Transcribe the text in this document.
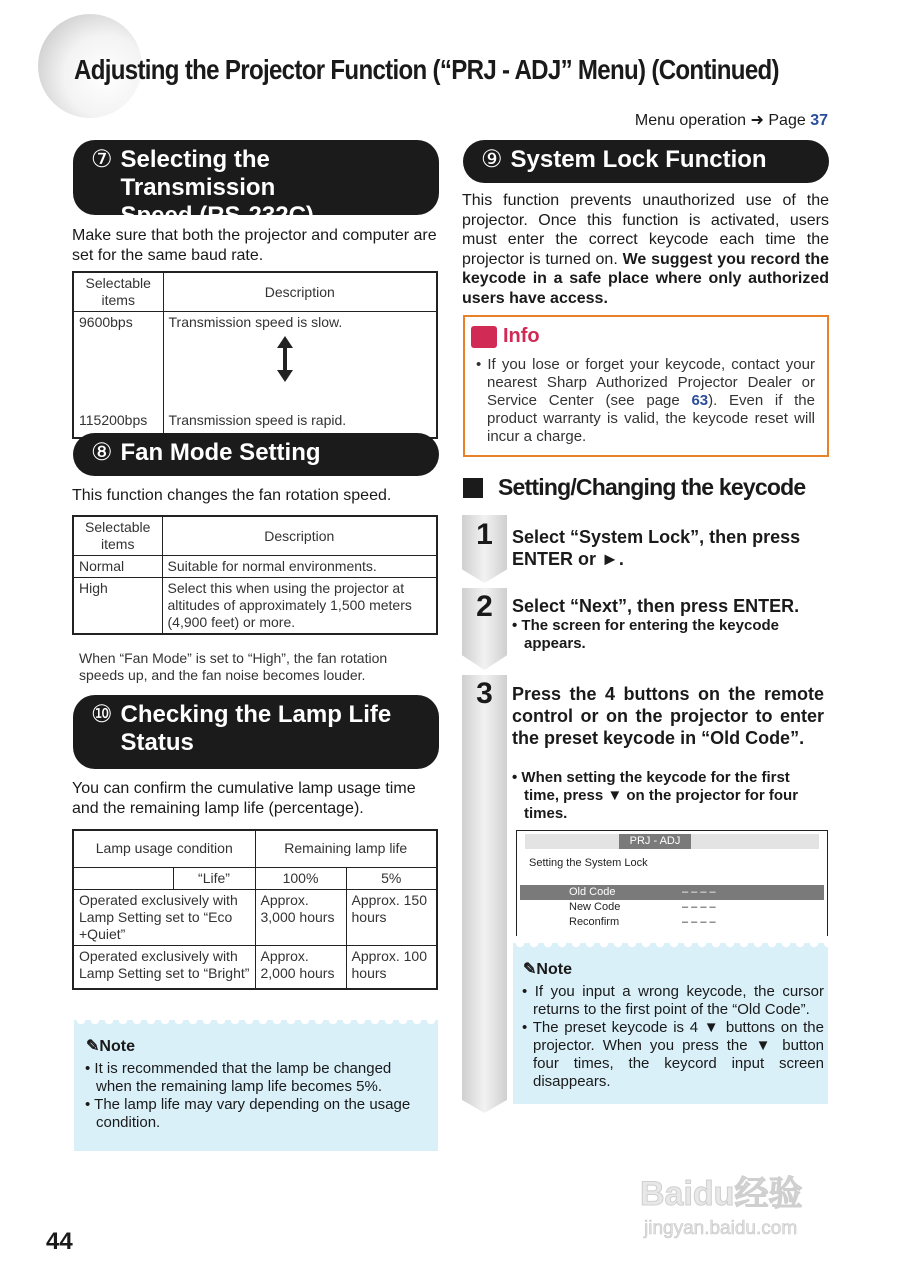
Adjusting the Projector Function (“PRJ - ADJ” Menu) (Continued)
Menu operation ➜ Page 37
⑦ Selecting the Transmission
Speed (RS-232C)
Make sure that both the projector and computer are set for the same baud rate.
Selectable items	Description
9600bps	Transmission speed is slow.

115200bps	Transmission speed is rapid.
⑧ Fan Mode Setting
This function changes the fan rotation speed.
Selectable items	Description
Normal	Suitable for normal environments.
High	Select this when using the projector at altitudes of approximately 1,500 meters (4,900 feet) or more.
When “Fan Mode” is set to “High”, the fan rotation speeds up, and the fan noise becomes louder.
⑩ Checking the Lamp Life
Status
You can confirm the cumulative lamp usage time and the remaining lamp life (percentage).
Lamp usage condition		Remaining lamp life	
	“Life”	100%	5%
Operated exclusively with Lamp Setting set to “Eco +Quiet”		Approx. 3,000 hours	Approx. 150 hours
Operated exclusively with Lamp Setting set to “Bright”		Approx. 2,000 hours	Approx. 100 hours
✎Note
• It is recommended that the lamp be changed when the remaining lamp life becomes 5%.
• The lamp life may vary depending on the usage condition.
⑨ System Lock Function
This function prevents unauthorized use of the projector. Once this function is activated, users must enter the correct keycode each time the projector is turned on. We suggest you record the keycode in a safe place where only authorized users have access.
Info
• If you lose or forget your keycode, contact your nearest Sharp Authorized Projector Dealer or Service Center (see page 63). Even if the product warranty is valid, the keycode reset will incur a charge.
Setting/Changing the keycode
1	Select “System Lock”, then press ENTER or ►.
2	Select “Next”, then press ENTER.
• The screen for entering the keycode appears.
3	Press the 4 buttons on the remote control or on the projector to enter the preset keycode in “Old Code”.
• When setting the keycode for the first time, press ▼ on the projector for four times.
PRJ - ADJ
Setting the System Lock
Old Code	– – – –
New Code	– – – –
Reconfirm	– – – –
✎Note
• If you input a wrong keycode, the cursor returns to the first point of the “Old Code”.
• The preset keycode is 4 ▼ buttons on the projector. When you press the ▼ button four times, the keycord input screen disappears.
44
Baidu经验
jingyan.baidu.com
